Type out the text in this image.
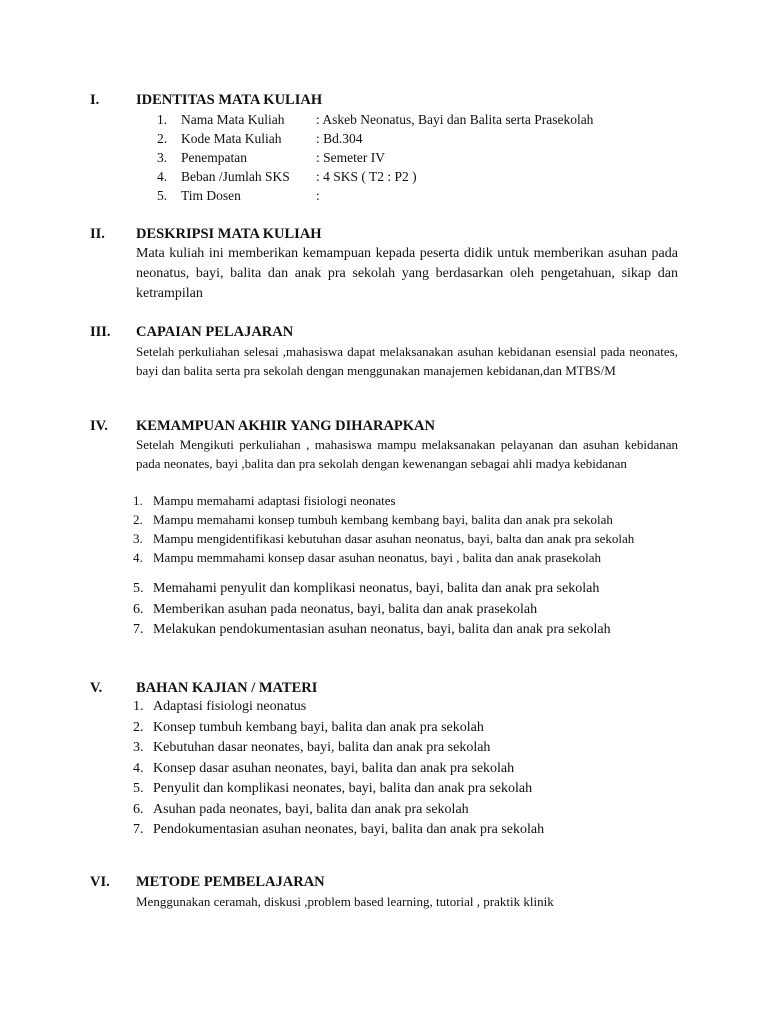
I.	IDENTITAS MATA KULIAH
1. Nama Mata Kuliah : Askeb Neonatus, Bayi dan Balita serta Prasekolah
2. Kode Mata Kuliah	: Bd.304
3. Penempatan	: Semeter IV
4. Beban /Jumlah SKS : 4 SKS ( T2 : P2 )
5. Tim Dosen	:
II.	DESKRIPSI MATA KULIAH
Mata kuliah ini memberikan kemampuan kepada peserta didik untuk memberikan asuhan pada neonatus, bayi, balita dan anak pra sekolah yang berdasarkan oleh pengetahuan, sikap dan ketrampilan
III.	CAPAIAN PELAJARAN
Setelah perkuliahan selesai ,mahasiswa dapat melaksanakan asuhan kebidanan esensial pada neonates, bayi dan balita serta pra sekolah dengan menggunakan manajemen kebidanan,dan MTBS/M
IV.	KEMAMPUAN AKHIR YANG DIHARAPKAN
Setelah Mengikuti perkuliahan , mahasiswa mampu melaksanakan pelayanan dan asuhan kebidanan pada neonates, bayi ,balita dan pra sekolah dengan kewenangan sebagai ahli madya kebidanan
1. Mampu memahami adaptasi fisiologi neonates
2. Mampu memahami konsep tumbuh kembang kembang bayi, balita dan anak pra sekolah
3. Mampu mengidentifikasi kebutuhan dasar asuhan neonatus, bayi, balta dan anak pra sekolah
4. Mampu memmahami konsep dasar asuhan neonatus, bayi , balita dan anak prasekolah
5. Memahami penyulit dan komplikasi neonatus, bayi, balita dan anak pra sekolah
6. Memberikan asuhan pada neonatus, bayi, balita dan anak prasekolah
7. Melakukan pendokumentasian asuhan neonatus, bayi, balita dan anak pra sekolah
V.	BAHAN KAJIAN / MATERI
1. Adaptasi fisiologi neonatus
2. Konsep tumbuh kembang bayi, balita dan anak pra sekolah
3. Kebutuhan dasar neonates, bayi, balita dan anak pra sekolah
4. Konsep dasar asuhan neonates, bayi, balita dan anak pra sekolah
5. Penyulit dan komplikasi neonates, bayi, balita dan anak pra sekolah
6. Asuhan pada neonates, bayi, balita dan anak pra sekolah
7. Pendokumentasian asuhan neonates, bayi, balita dan anak pra sekolah
VI.	METODE PEMBELAJARAN
Menggunakan ceramah, diskusi ,problem based learning, tutorial , praktik klinik
